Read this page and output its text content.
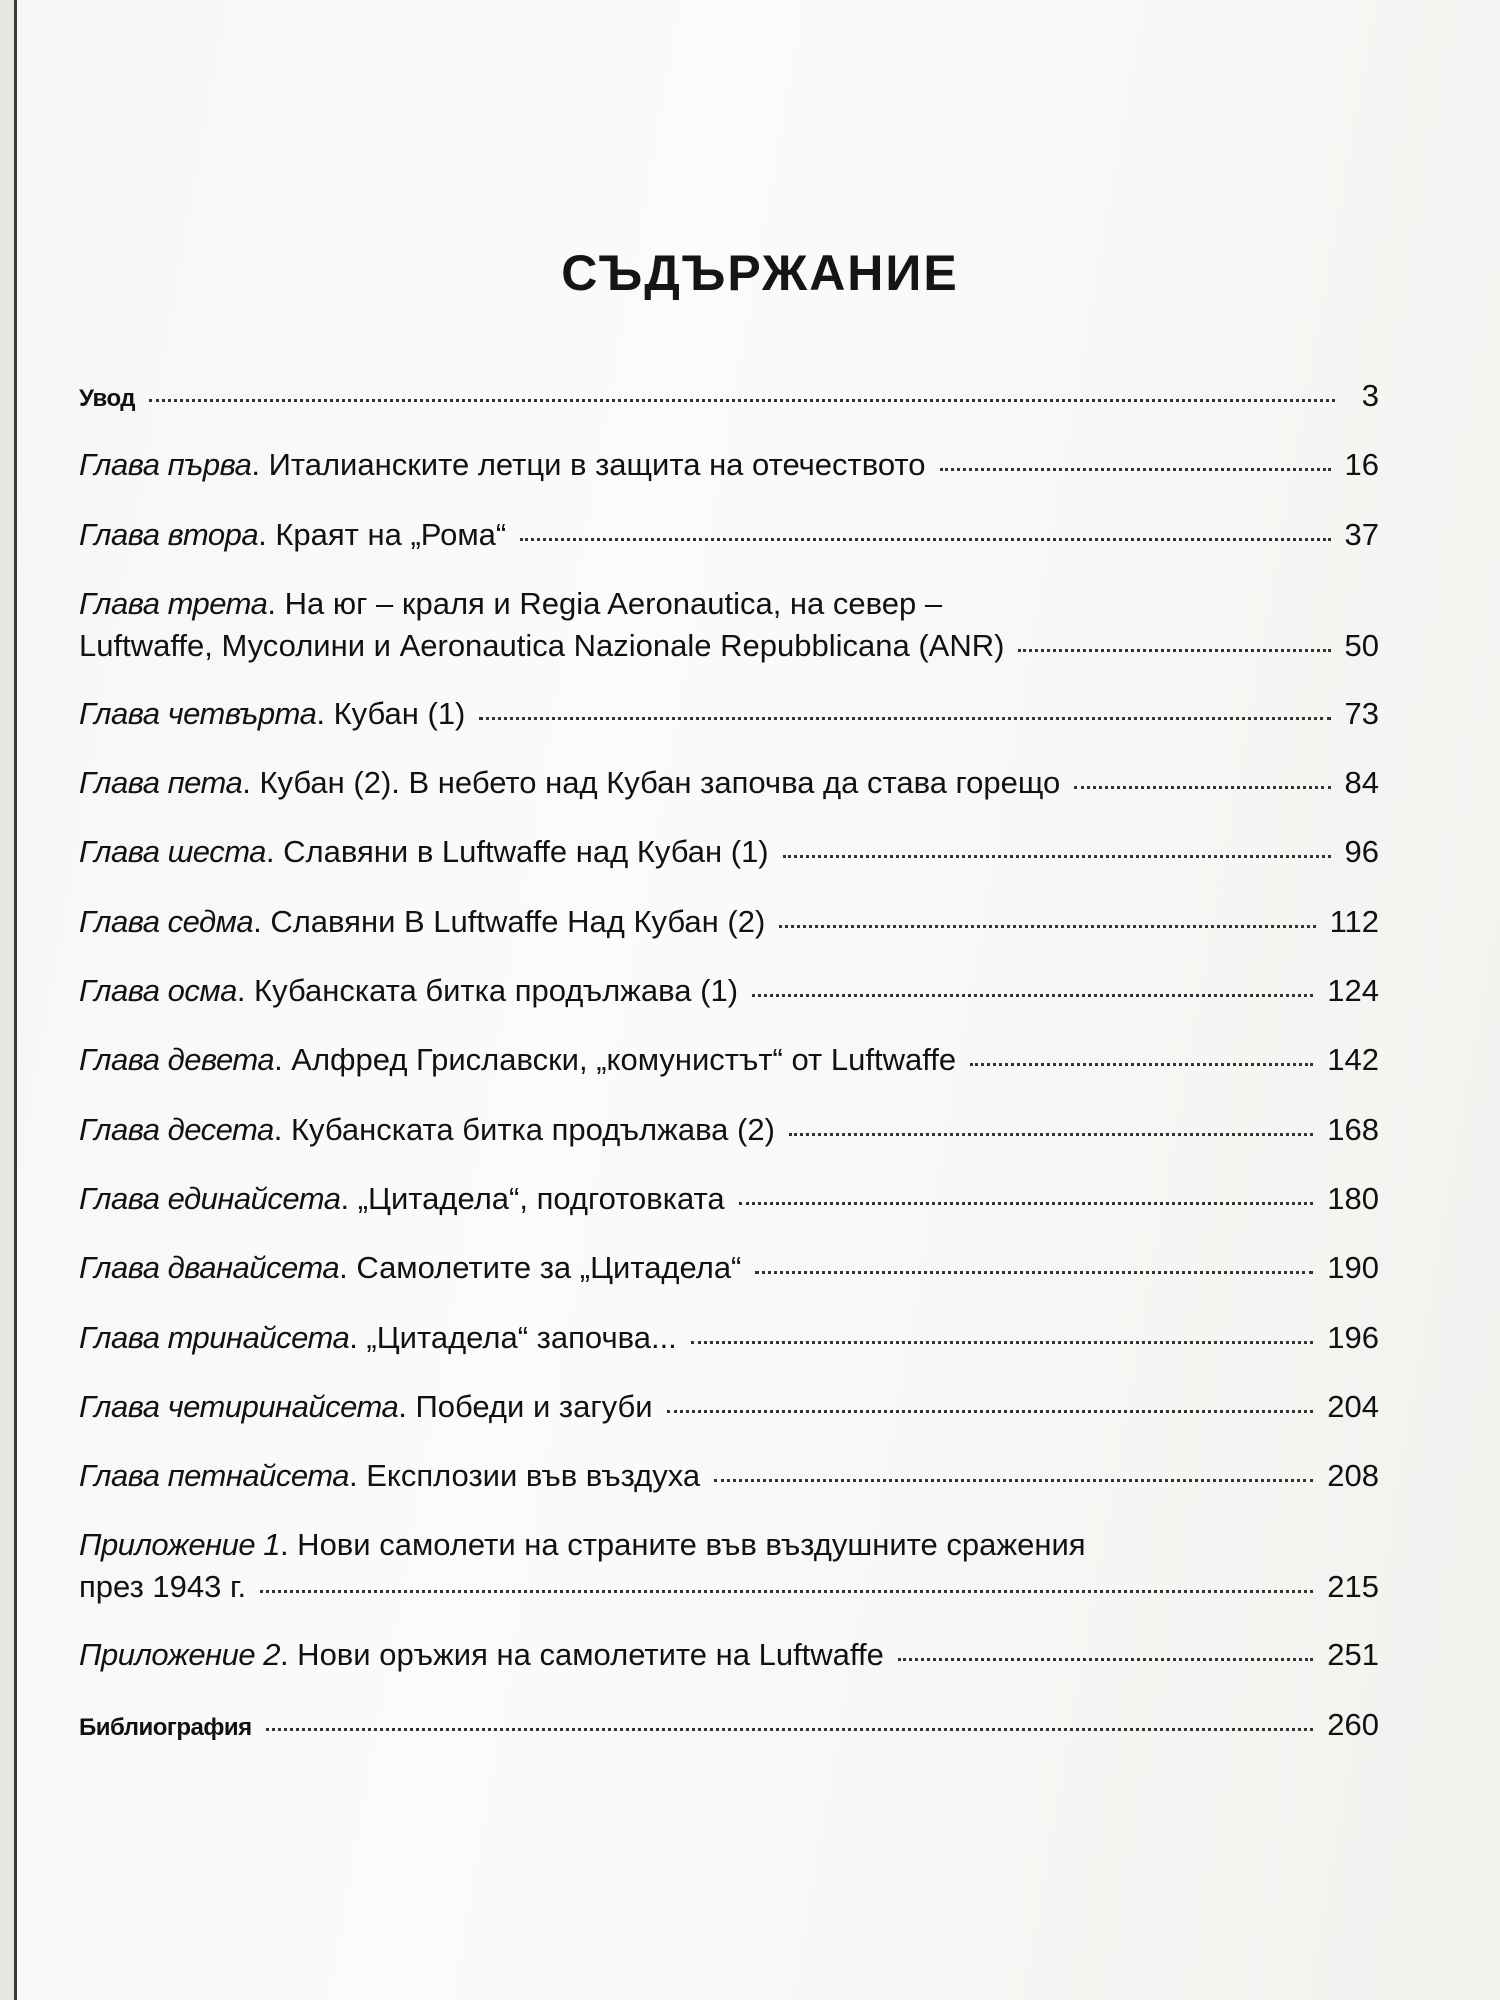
СЪДЪРЖАНИЕ
Увод	3
Глава първа . Италианските летци в защита на отечеството	16
Глава втора . Краят на „Рома“	37
Глава трета. На юг – краля и Regia Aeronautica, на север –
Luftwaffe, Мусолини и Aeronautica Nazionale Repubblicana (ANR)	50
Глава четвърта . Кубан (1)	73
Глава пета . Кубан (2). В небето над Кубан започва да става горещо	84
Глава шеста . Славяни в Luftwaffe над Кубан (1)	96
Глава седма . Славяни В Luftwaffe Над Кубан (2)	112
Глава осма . Кубанската битка продължава (1)	124
Глава девета . Алфред Гриславски, „комунистът“ от Luftwaffe	142
Глава десета . Кубанската битка продължава (2)	168
Глава единайсета . „Цитадела“, подготовката	180
Глава дванайсета . Самолетите за „Цитадела“	190
Глава тринайсета . „Цитадела“ започва...	196
Глава четиринайсета . Победи и загуби	204
Глава петнайсета . Експлозии във въздуха	208
Приложение 1. Нови самолети на страните във въздушните сражения
през 1943 г.	215
Приложение 2 . Нови оръжия на самолетите на Luftwaffe	251
Библиография	260
